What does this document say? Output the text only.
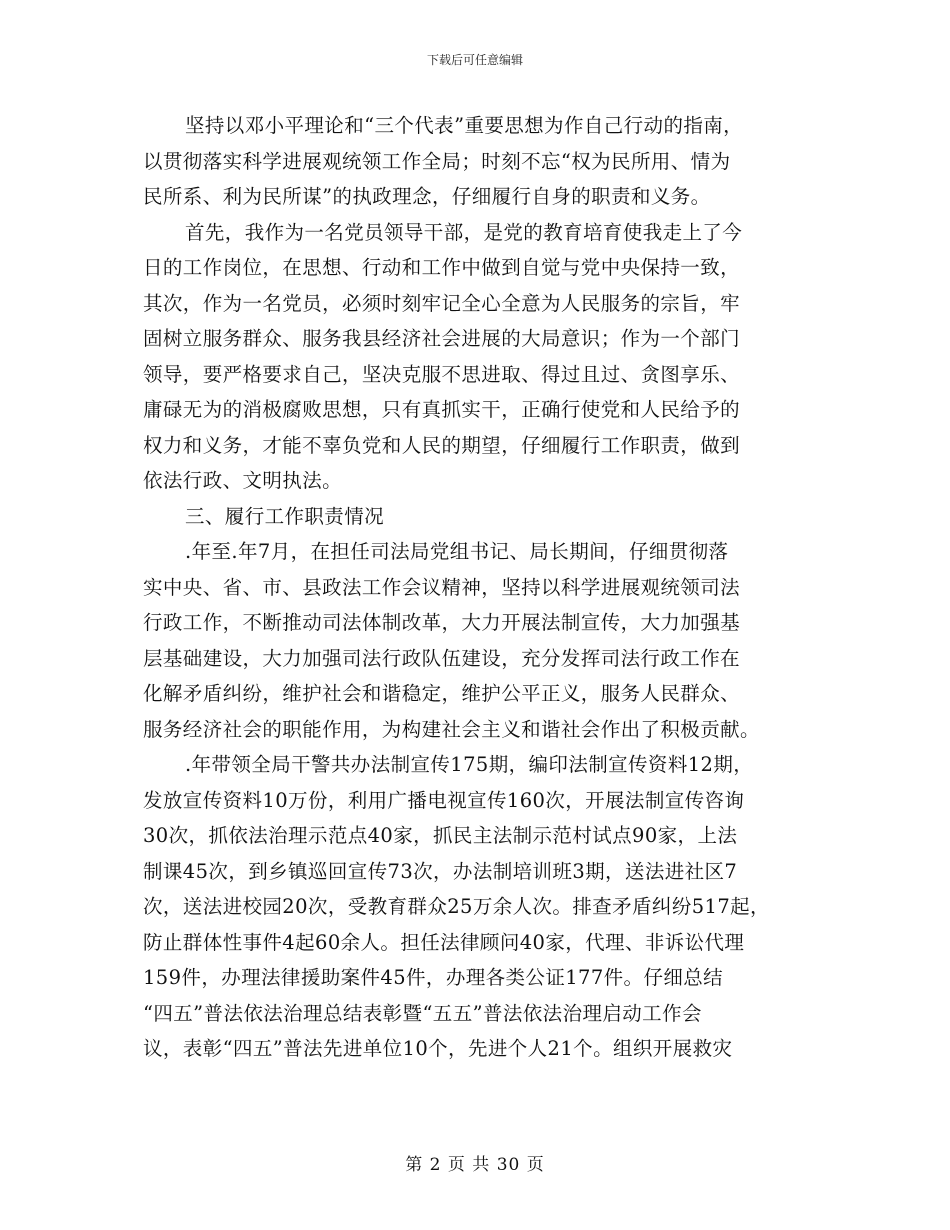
下载后可任意编辑
坚持以邓小平理论和“三个代表”重要思想为作自己行动的指南，
以贯彻落实科学进展观统领工作全局；时刻不忘“权为民所用、情为
民所系、利为民所谋”的执政理念，仔细履行自身的职责和义务。
首先，我作为一名党员领导干部，是党的教育培育使我走上了今
日的工作岗位，在思想、行动和工作中做到自觉与党中央保持一致，
其次，作为一名党员，必须时刻牢记全心全意为人民服务的宗旨，牢
固树立服务群众、服务我县经济社会进展的大局意识；作为一个部门
领导，要严格要求自己，坚决克服不思进取、得过且过、贪图享乐、
庸碌无为的消极腐败思想，只有真抓实干，正确行使党和人民给予的
权力和义务，才能不辜负党和人民的期望，仔细履行工作职责，做到
依法行政、文明执法。
三、履行工作职责情况
.年至.年7月，在担任司法局党组书记、局长期间，仔细贯彻落
实中央、省、市、县政法工作会议精神，坚持以科学进展观统领司法
行政工作，不断推动司法体制改革，大力开展法制宣传，大力加强基
层基础建设，大力加强司法行政队伍建设，充分发挥司法行政工作在
化解矛盾纠纷，维护社会和谐稳定，维护公平正义，服务人民群众、
服务经济社会的职能作用，为构建社会主义和谐社会作出了积极贡献。
.年带领全局干警共办法制宣传175期，编印法制宣传资料12期，
发放宣传资料10万份，利用广播电视宣传160次，开展法制宣传咨询
30次，抓依法治理示范点40家，抓民主法制示范村试点90家，上法
制课45次，到乡镇巡回宣传73次，办法制培训班3期，送法进社区7
次，送法进校园20次，受教育群众25万余人次。排查矛盾纠纷517起，
防止群体性事件4起60余人。担任法律顾问40家，代理、非诉讼代理
159件，办理法律援助案件45件，办理各类公证177件。仔细总结
“四五”普法依法治理总结表彰暨“五五”普法依法治理启动工作会
议，表彰“四五”普法先进单位10个，先进个人21个。组织开展救灾
第 2 页 共 30 页
